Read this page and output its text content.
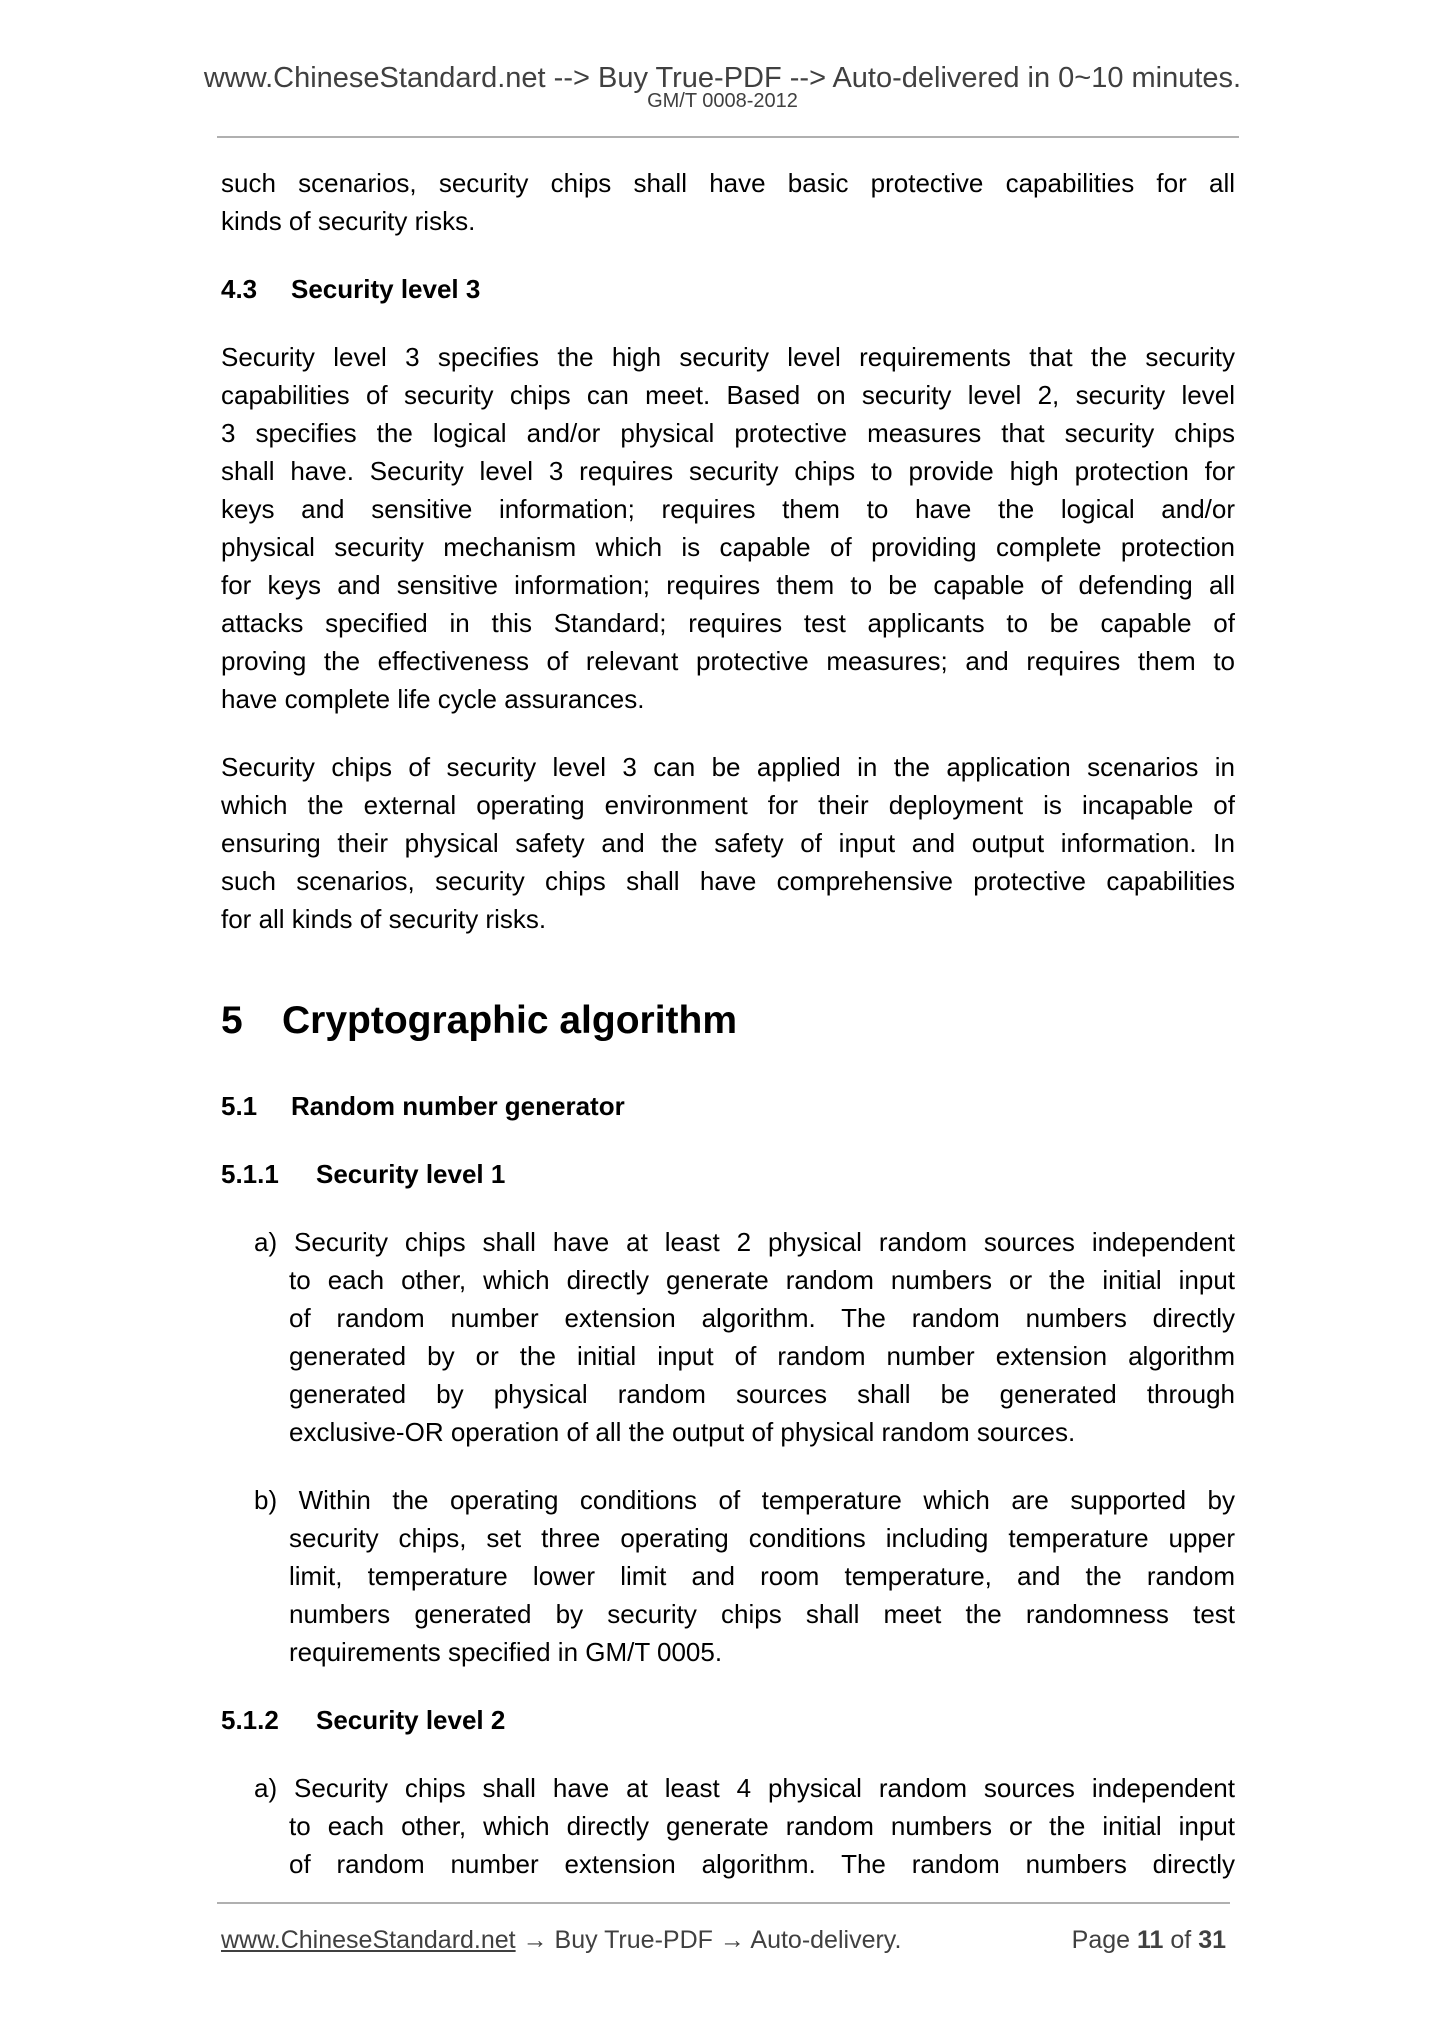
www.ChineseStandard.net --> Buy True-PDF --> Auto-delivered in 0~10 minutes.
GM/T 0008-2012
such scenarios, security chips shall have basic protective capabilities for all
kinds of security risks.
4.3 Security level 3
Security level 3 specifies the high security level requirements that the security
capabilities of security chips can meet. Based on security level 2, security level
3 specifies the logical and/or physical protective measures that security chips
shall have. Security level 3 requires security chips to provide high protection for
keys and sensitive information; requires them to have the logical and/or
physical security mechanism which is capable of providing complete protection
for keys and sensitive information; requires them to be capable of defending all
attacks specified in this Standard; requires test applicants to be capable of
proving the effectiveness of relevant protective measures; and requires them to
have complete life cycle assurances.
Security chips of security level 3 can be applied in the application scenarios in
which the external operating environment for their deployment is incapable of
ensuring their physical safety and the safety of input and output information. In
such scenarios, security chips shall have comprehensive protective capabilities
for all kinds of security risks.
5 Cryptographic algorithm
5.1 Random number generator
5.1.1 Security level 1
a) Security chips shall have at least 2 physical random sources independent
to each other, which directly generate random numbers or the initial input
of random number extension algorithm. The random numbers directly
generated by or the initial input of random number extension algorithm
generated by physical random sources shall be generated through
exclusive-OR operation of all the output of physical random sources.
b) Within the operating conditions of temperature which are supported by
security chips, set three operating conditions including temperature upper
limit, temperature lower limit and room temperature, and the random
numbers generated by security chips shall meet the randomness test
requirements specified in GM/T 0005.
5.1.2 Security level 2
a) Security chips shall have at least 4 physical random sources independent
to each other, which directly generate random numbers or the initial input
of random number extension algorithm. The random numbers directly
www.ChineseStandard.net → Buy True-PDF → Auto-delivery.	Page 11 of 31
